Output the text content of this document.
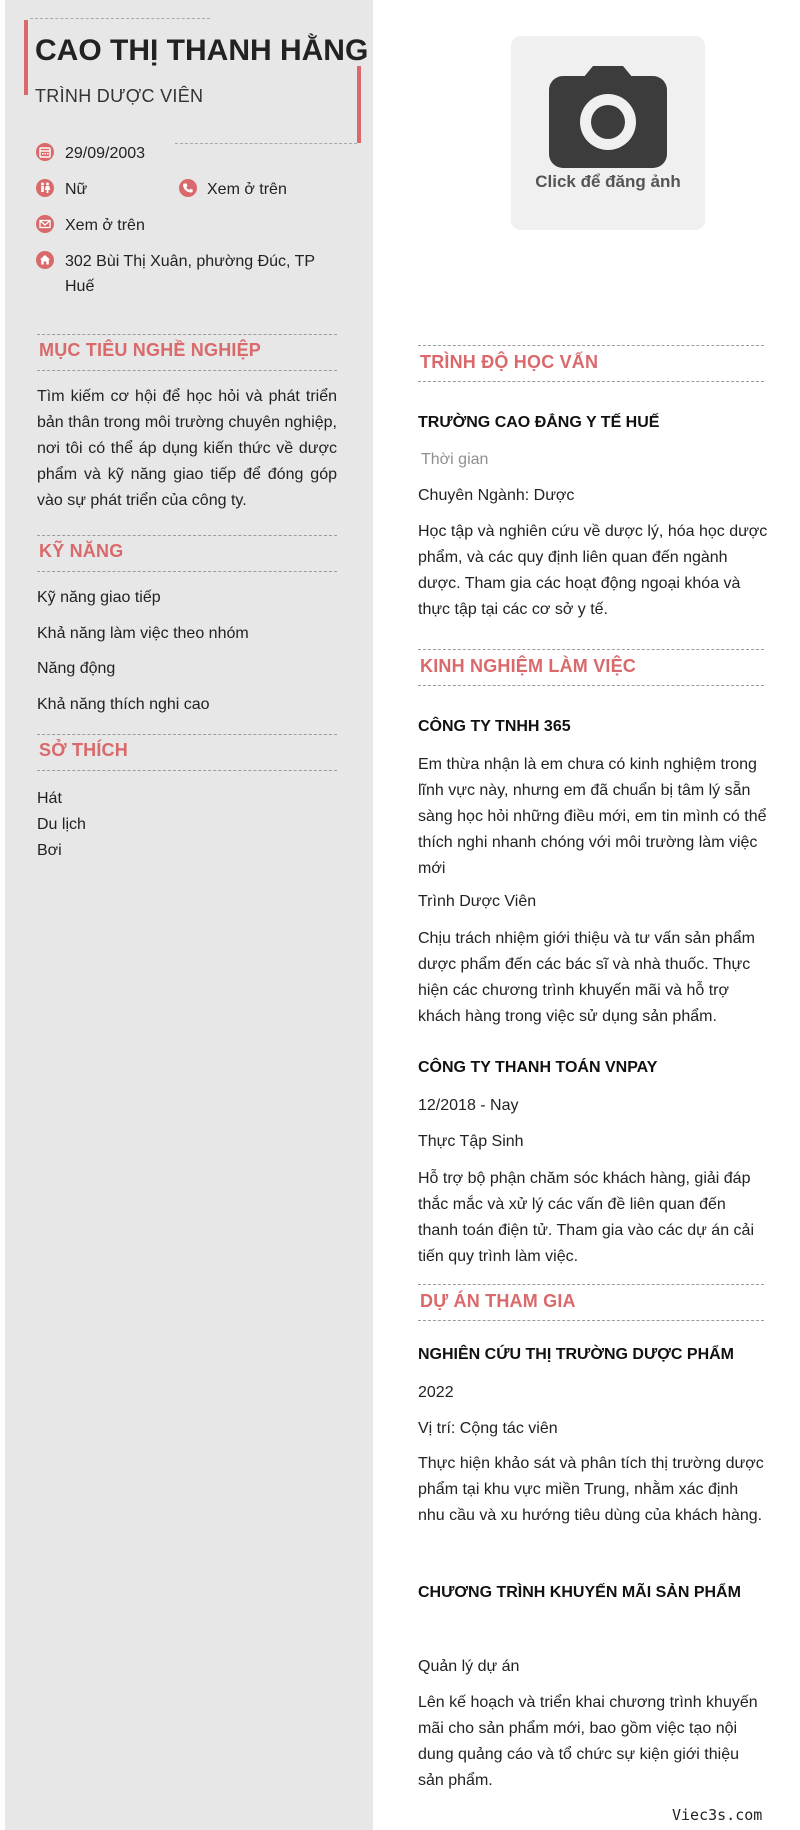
CAO THỊ THANH HẰNG
TRÌNH DƯỢC VIÊN
29/09/2003
Nữ	Xem ở trên
Xem ở trên
302 Bùi Thị Xuân, phường Đúc, TP
Huế
MỤC TIÊU NGHỀ NGHIỆP
Tìm kiếm cơ hội để học hỏi và phát triển bản thân trong môi trường chuyên nghiệp, nơi tôi có thể áp dụng kiến thức về dược phẩm và kỹ năng giao tiếp để đóng góp vào sự phát triển của công ty.
KỸ NĂNG
Kỹ năng giao tiếp
Khả năng làm việc theo nhóm
Năng động
Khả năng thích nghi cao
SỞ THÍCH
Hát
Du lịch
Bơi
Click để đăng ảnh
TRÌNH ĐỘ HỌC VẤN
TRƯỜNG CAO ĐẲNG Y TẾ HUẾ
Thời gian
Chuyên Ngành: Dược
Học tập và nghiên cứu về dược lý, hóa học dược phẩm, và các quy định liên quan đến ngành dược. Tham gia các hoạt động ngoại khóa và thực tập tại các cơ sở y tế.
KINH NGHIỆM LÀM VIỆC
CÔNG TY TNHH 365
Em thừa nhận là em chưa có kinh nghiệm trong lĩnh vực này, nhưng em đã chuẩn bị tâm lý sẵn sàng học hỏi những điều mới, em tin mình có thể thích nghi nhanh chóng với môi trường làm việc mới
Trình Dược Viên
Chịu trách nhiệm giới thiệu và tư vấn sản phẩm dược phẩm đến các bác sĩ và nhà thuốc. Thực hiện các chương trình khuyến mãi và hỗ trợ khách hàng trong việc sử dụng sản phẩm.
CÔNG TY THANH TOÁN VNPAY
12/2018 - Nay
Thực Tập Sinh
Hỗ trợ bộ phận chăm sóc khách hàng, giải đáp thắc mắc và xử lý các vấn đề liên quan đến thanh toán điện tử. Tham gia vào các dự án cải tiến quy trình làm việc.
DỰ ÁN THAM GIA
NGHIÊN CỨU THỊ TRƯỜNG DƯỢC PHẨM
2022
Vị trí: Cộng tác viên
Thực hiện khảo sát và phân tích thị trường dược phẩm tại khu vực miền Trung, nhằm xác định nhu cầu và xu hướng tiêu dùng của khách hàng.
CHƯƠNG TRÌNH KHUYẾN MÃI SẢN PHẨM
Quản lý dự án
Lên kế hoạch và triển khai chương trình khuyến mãi cho sản phẩm mới, bao gồm việc tạo nội dung quảng cáo và tổ chức sự kiện giới thiệu sản phẩm.
Viec3s.com
